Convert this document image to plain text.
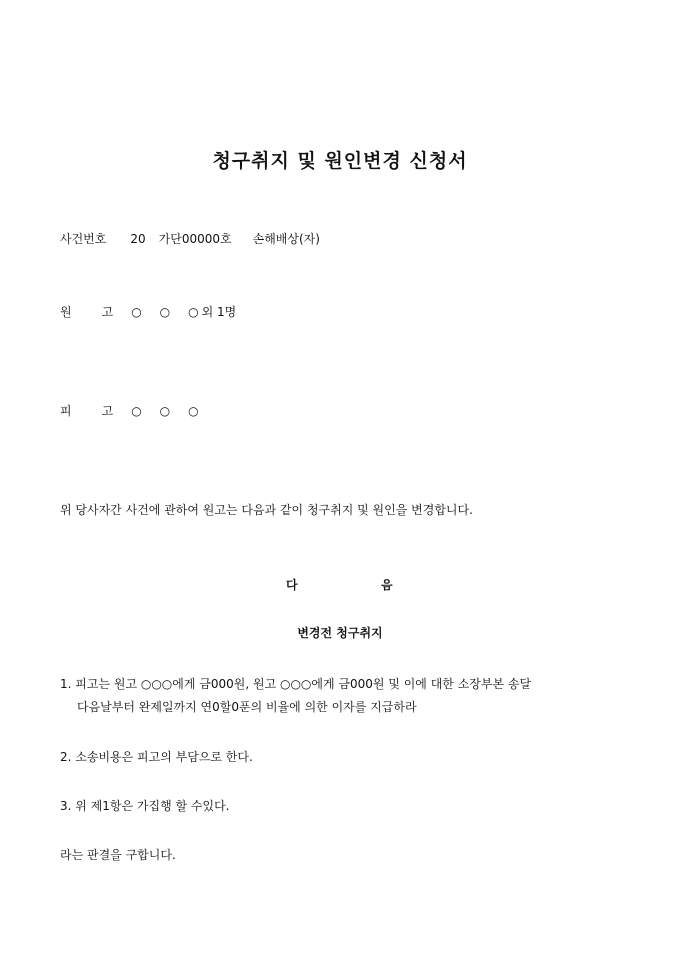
청구취지 및 원인변경 신청서
사건번호 20 가단00000호 손해배상(자)
원	고 ○ ○ ○ 외 1명
피	고 ○ ○ ○
위 당사자간 사건에 관하여 원고는 다음과 같이 청구취지 및 원인을 변경합니다.
다	음
변경전 청구취지
1. 피고는 원고 ○○○에게 금000원, 원고 ○○○에게 금000원 및 이에 대한 소장부본 송달
다음날부터 완제일까지 연0할0푼의 비율에 의한 이자를 지급하라
2. 소송비용은 피고의 부담으로 한다.
3. 위 제1항은 가집행 할 수있다.
라는 판결을 구합니다.
